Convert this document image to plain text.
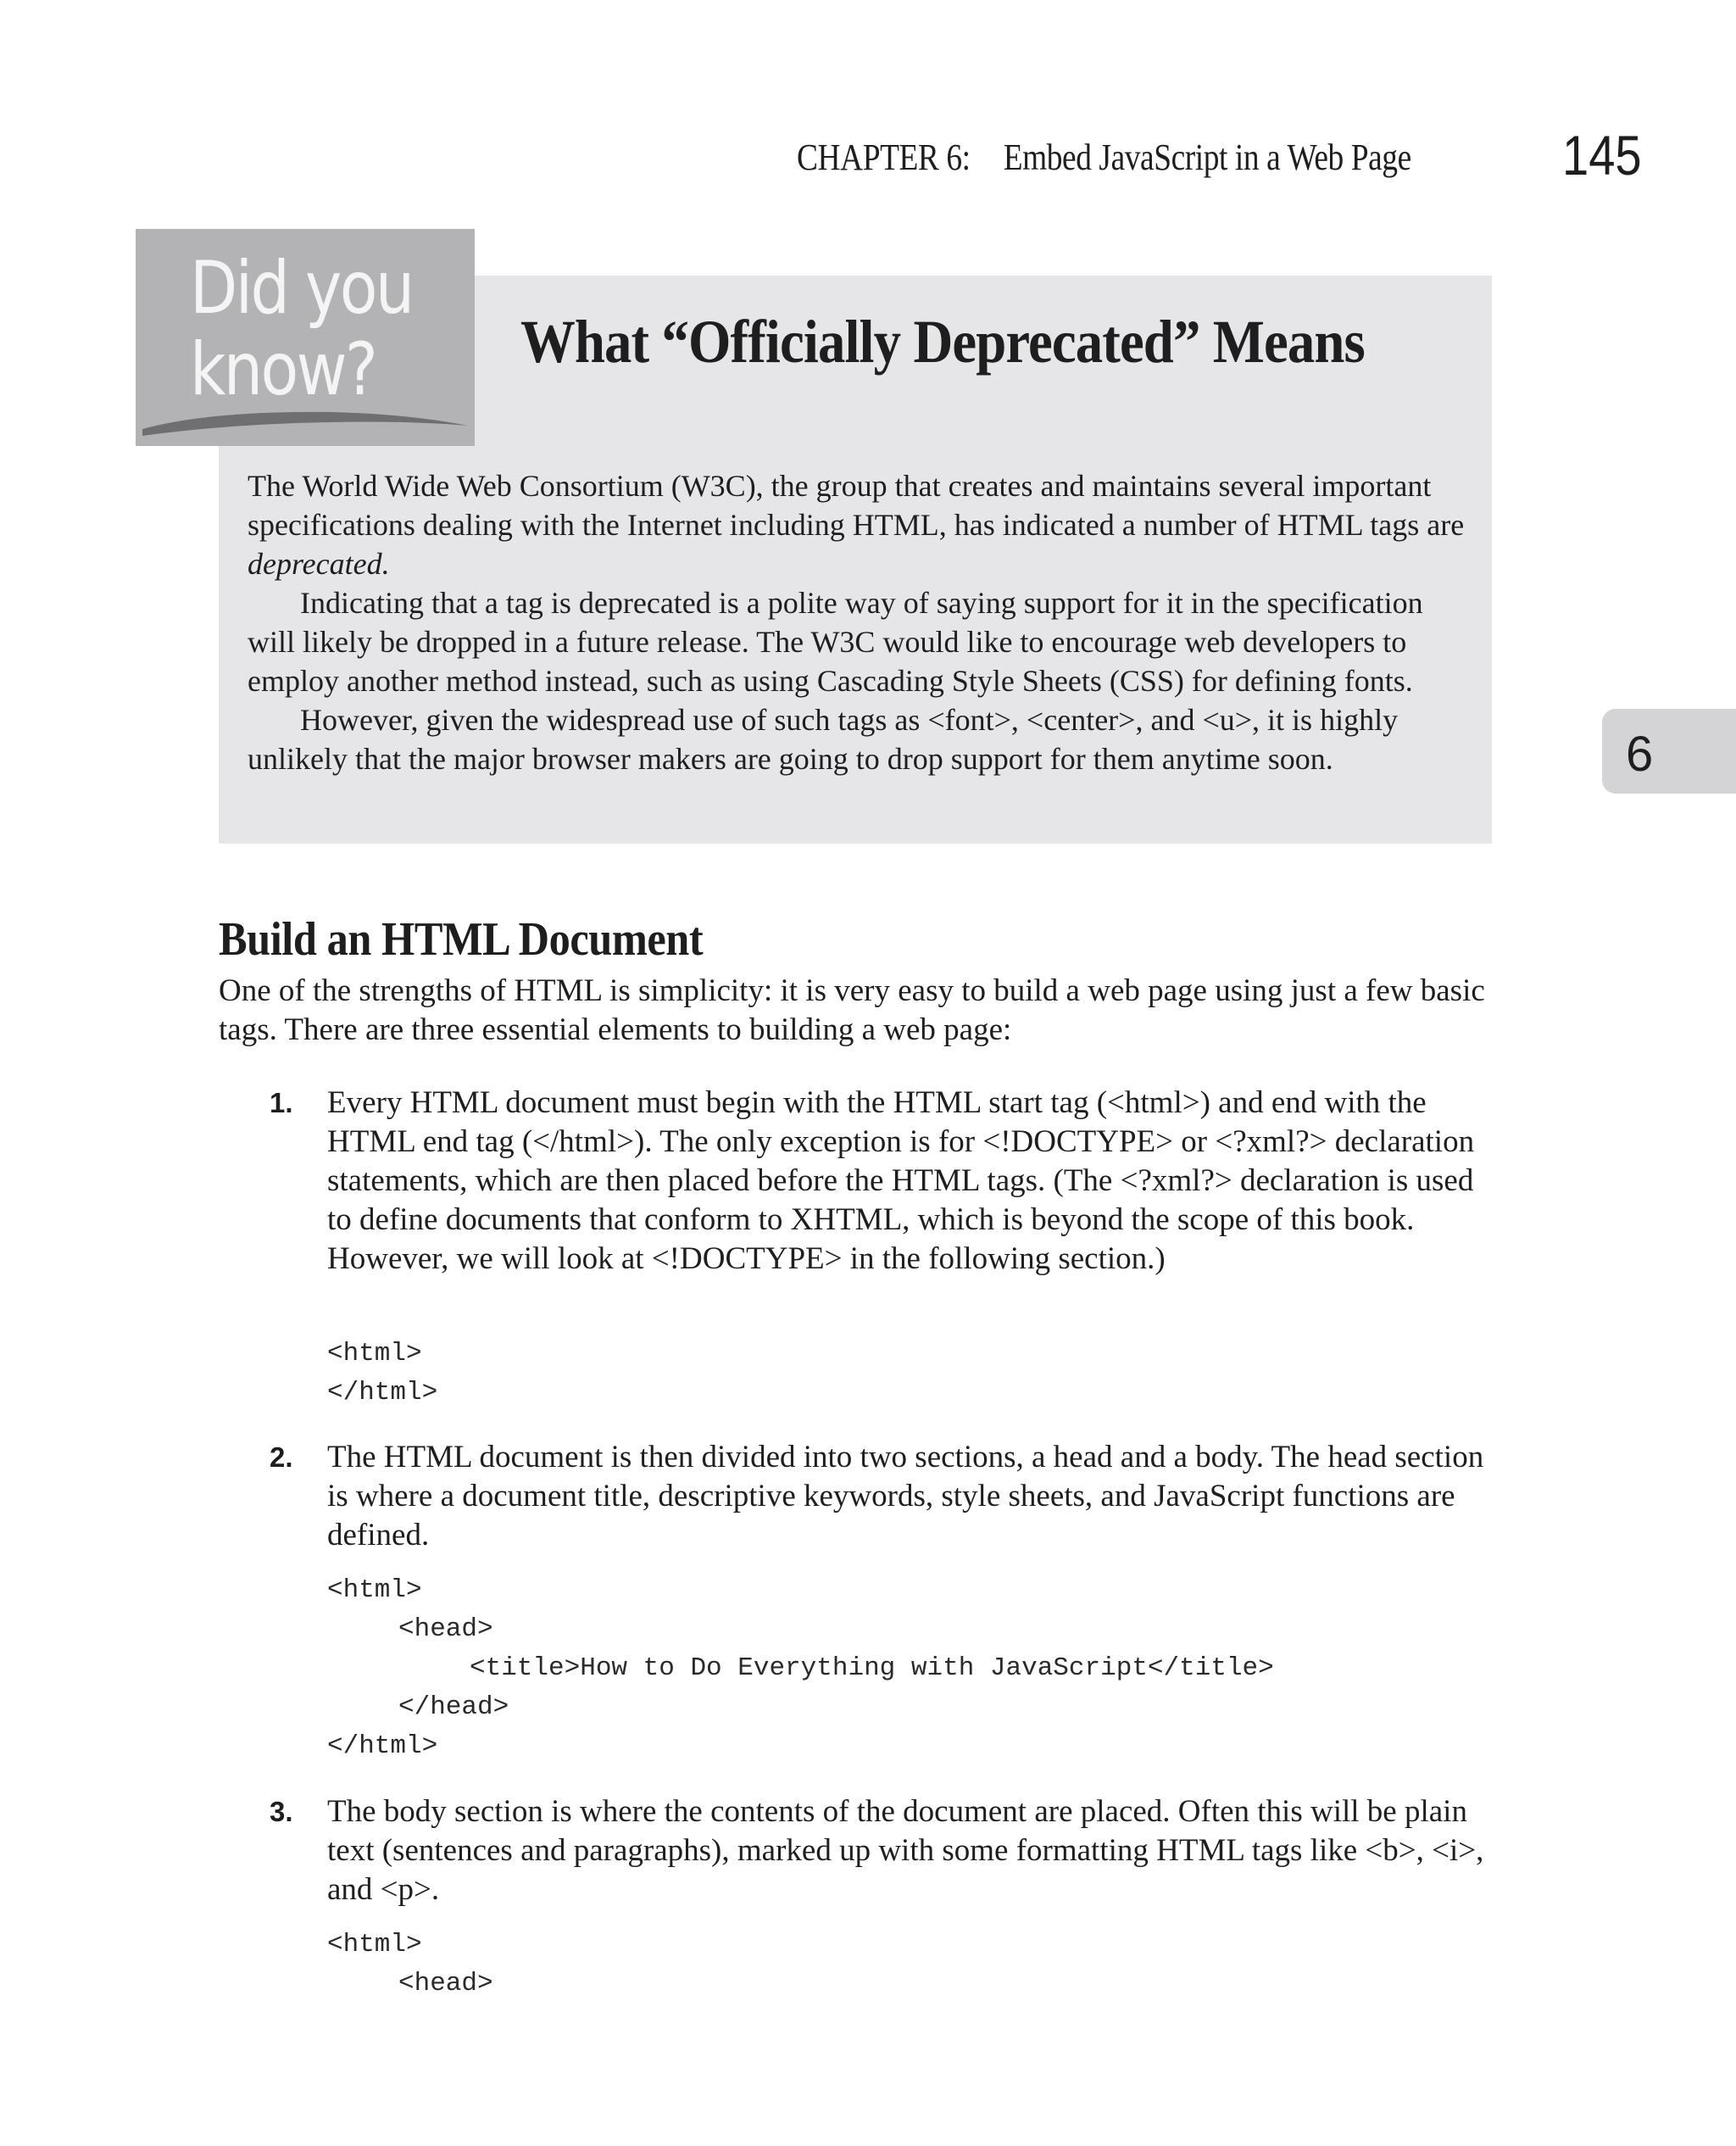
CHAPTER 6: Embed JavaScript in a Web Page	145
Did you
know?	What “Officially Deprecated” Means

The World Wide Web Consortium (W3C), the group that creates and maintains several important specifications dealing with the Internet including HTML, has indicated a number of HTML tags are deprecated.

Indicating that a tag is deprecated is a polite way of saying support for it in the specification will likely be dropped in a future release. The W3C would like to encourage web developers to employ another method instead, such as using Cascading Style Sheets (CSS) for defining fonts.

However, given the widespread use of such tags as <font>, <center>, and <u>, it is highly unlikely that the major browser makers are going to drop support for them anytime soon.	6
Build an HTML Document

One of the strengths of HTML is simplicity: it is very easy to build a web page using just a few basic tags. There are three essential elements to building a web page:

1. Every HTML document must begin with the HTML start tag (<html>) and end with the HTML end tag (</html>). The only exception is for <!DOCTYPE> or <?xml?> declaration statements, which are then placed before the HTML tags. (The <?xml?> declaration is used to define documents that conform to XHTML, which is beyond the scope of this book. However, we will look at <!DOCTYPE> in the following section.)

<html>
</html>
2. The HTML document is then divided into two sections, a head and a body. The head section is where a document title, descriptive keywords, style sheets, and JavaScript functions are defined.

<html>
<head>
<title>How to Do Everything with JavaScript</title>
</head>
</html>
3. The body section is where the contents of the document are placed. Often this will be plain text (sentences and paragraphs), marked up with some formatting HTML tags like <b>, <i>, and <p>.

<html>
<head>
